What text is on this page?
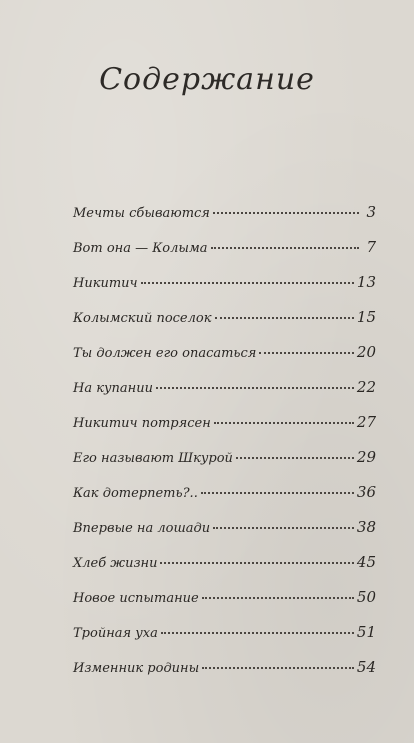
Содержание
Мечты сбываются	3
Вот она — Колыма	7
Никитич	13
Колымский поселок	15
Ты должен его опасаться	20
На купании	22
Никитич потрясен	27
Его называют Шкурой	29
Как дотерпеть?..	36
Впервые на лошади	38
Хлеб жизни	45
Новое испытание	50
Тройная уха	51
Изменник родины	54
